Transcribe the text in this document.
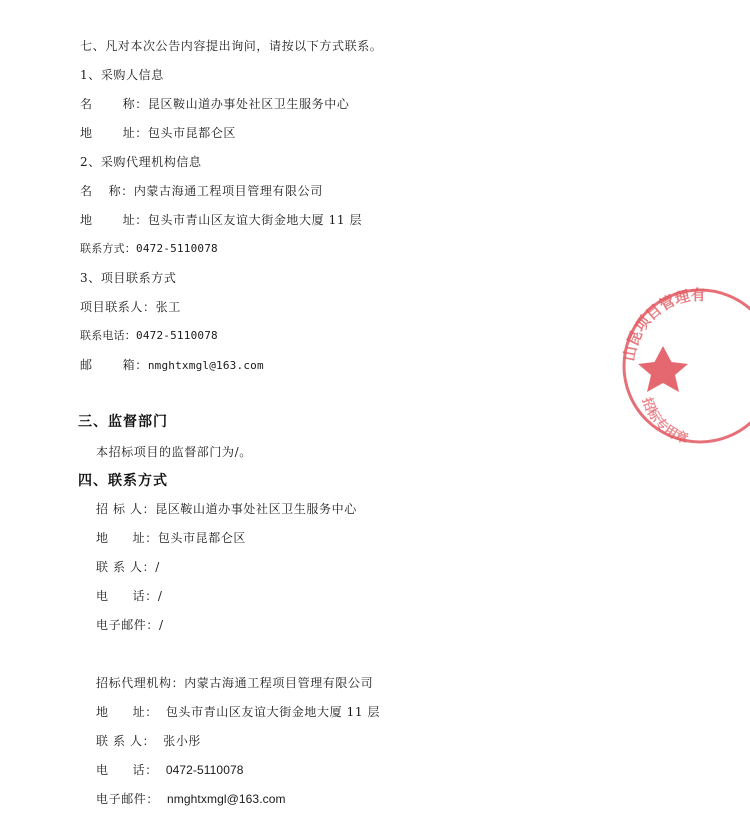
七、凡对本次公告内容提出询问，请按以下方式联系。
1、采购人信息
名	称：昆区鞍山道办事处社区卫生服务中心
地	址：包头市昆都仑区
2、采购代理机构信息
名 称：内蒙古海通工程项目管理有限公司
地	址：包头市青山区友谊大街金地大厦 11 层
联系方式：0472-5110078
3、项目联系方式
项目联系人：张工
联系电话：0472-5110078
邮	箱：nmghtxmgl@163.com
三、监督部门
本招标项目的监督部门为/。
四、联系方式
招 标 人：昆区鞍山道办事处社区卫生服务中心
地 址：包头市昆都仑区
联 系 人：/
电 话：/
电子邮件：/
招标代理机构：内蒙古海通工程项目管理有限公司
地 址： 包头市青山区友谊大街金地大厦 11 层
联 系 人： 张小彤
电 话： 0472-5110078
电子邮件： nmghtxmgl@163.com
山昆项目管理有
招标专用章
